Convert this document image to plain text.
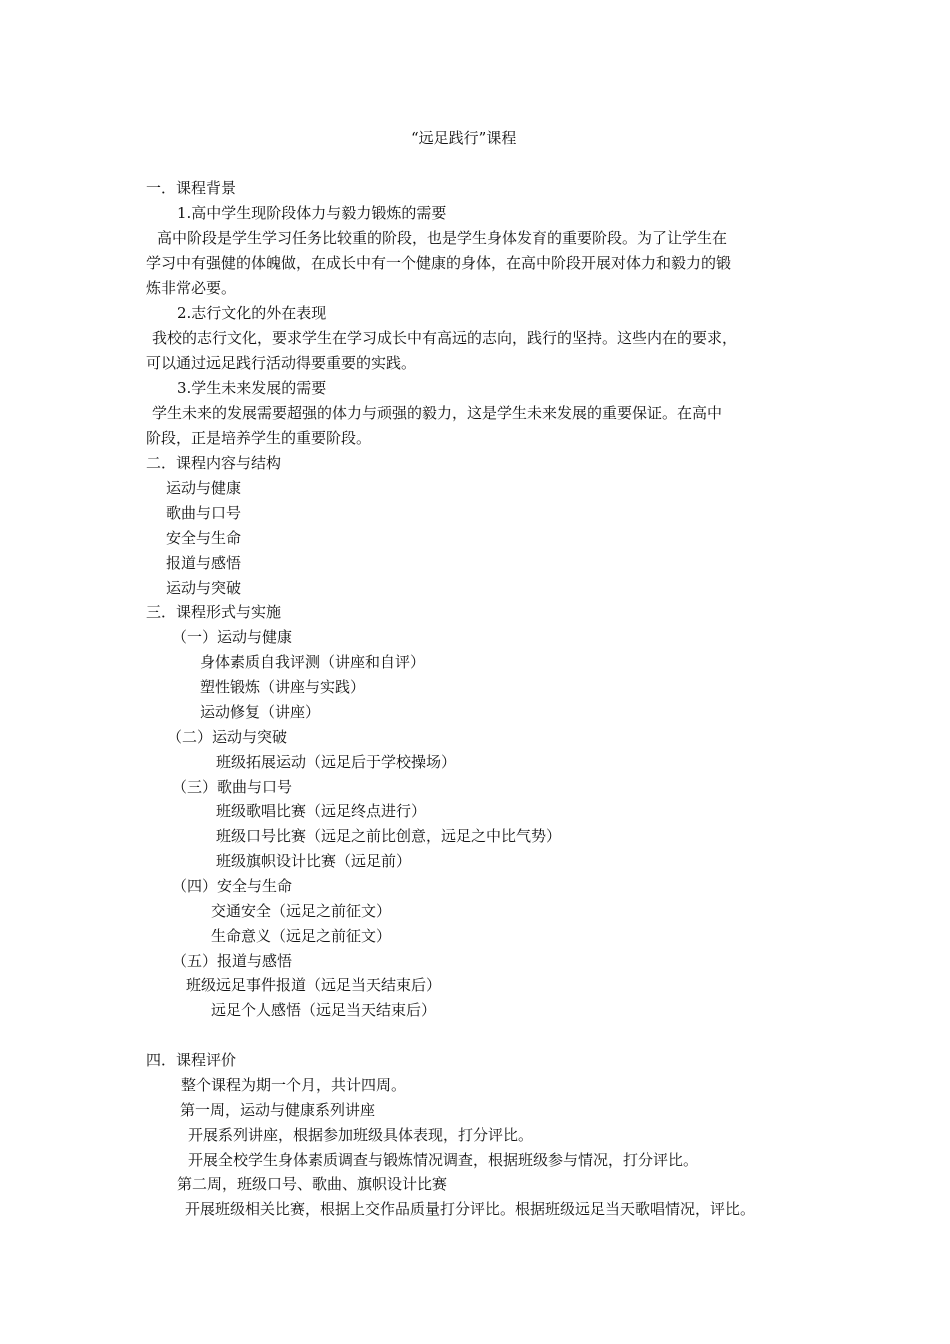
“远足践行”课程
一．课程背景
1.高中学生现阶段体力与毅力锻炼的需要
高中阶段是学生学习任务比较重的阶段，也是学生身体发育的重要阶段。为了让学生在
学习中有强健的体魄做，在成长中有一个健康的身体，在高中阶段开展对体力和毅力的锻
炼非常必要。
2.志行文化的外在表现
我校的志行文化，要求学生在学习成长中有高远的志向，践行的坚持。这些内在的要求，
可以通过远足践行活动得要重要的实践。
3.学生未来发展的需要
学生未来的发展需要超强的体力与顽强的毅力，这是学生未来发展的重要保证。在高中
阶段，正是培养学生的重要阶段。
二．课程内容与结构
运动与健康
歌曲与口号
安全与生命
报道与感悟
运动与突破
三．课程形式与实施
（一）运动与健康
身体素质自我评测（讲座和自评）
塑性锻炼（讲座与实践）
运动修复（讲座）
（二）运动与突破
班级拓展运动（远足后于学校操场）
（三）歌曲与口号
班级歌唱比赛（远足终点进行）
班级口号比赛（远足之前比创意，远足之中比气势）
班级旗帜设计比赛（远足前）
（四）安全与生命
交通安全（远足之前征文）
生命意义（远足之前征文）
（五）报道与感悟
班级远足事件报道（远足当天结束后）
远足个人感悟（远足当天结束后）
四．课程评价
整个课程为期一个月，共计四周。
第一周，运动与健康系列讲座
开展系列讲座，根据参加班级具体表现，打分评比。
开展全校学生身体素质调查与锻炼情况调查，根据班级参与情况，打分评比。
第二周，班级口号、歌曲、旗帜设计比赛
开展班级相关比赛，根据上交作品质量打分评比。根据班级远足当天歌唱情况，评比。
